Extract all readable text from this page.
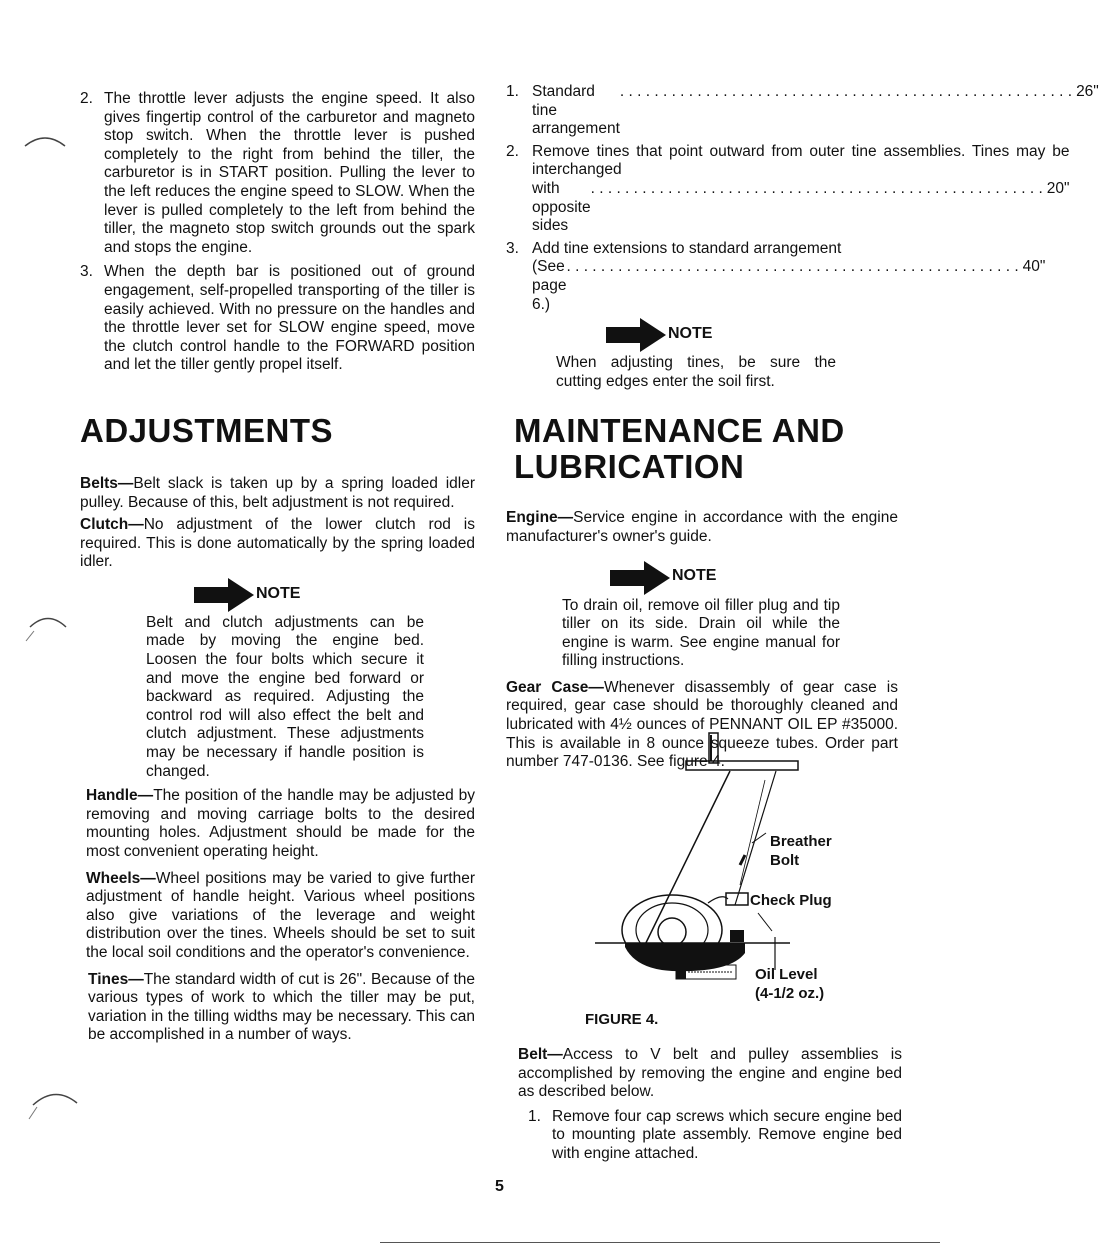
2. The throttle lever adjusts the engine speed. It also gives fingertip control of the carburetor and magneto stop switch. When the throttle lever is pushed completely to the right from behind the tiller, the carburetor is in START position. Pulling the lever to the left reduces the engine speed to SLOW. When the lever is pulled completely to the left from behind the tiller, the magneto stop switch grounds out the spark and stops the engine.
3. When the depth bar is positioned out of ground engagement, self-propelled transporting of the tiller is easily achieved. With no pressure on the handles and the throttle lever set for SLOW engine speed, move the clutch control handle to the FORWARD position and let the tiller gently propel itself.
ADJUSTMENTS

Belts—Belt slack is taken up by a spring loaded idler pulley. Because of this, belt adjustment is not required.

Clutch—No adjustment of the lower clutch rod is required. This is done automatically by the spring loaded idler.

NOTE

Belt and clutch adjustments can be made by moving the engine bed. Loosen the four bolts which secure it and move the engine bed forward or backward as required. Adjusting the control rod will also effect the belt and clutch adjustment. These adjustments may be necessary if handle position is changed.

Handle—The position of the handle may be adjusted by removing and moving carriage bolts to the desired mounting holes. Adjustment should be made for the most convenient operating height.

Wheels—Wheel positions may be varied to give further adjustment of handle height. Various wheel positions also give variations of the leverage and weight distribution over the tines. Wheels should be set to suit the local soil conditions and the operator's convenience.

Tines—The standard width of cut is 26". Because of the various types of work to which the tiller may be put, variation in the tilling widths may be necessary. This can be accomplished in a number of ways.

1. Standard tine arrangement
. . .
26"
2. Remove tines that point outward from outer tine assemblies. Tines may be interchanged

with opposite sides
. . .
20"
3. Add tine extensions to standard arrangement

(See page 6.)
. . .
40"
NOTE

When adjusting tines, be sure the cutting edges enter the soil first.

MAINTENANCE AND LUBRICATION

Engine—Service engine in accordance with the engine manufacturer's owner's guide.

NOTE

To drain oil, remove oil filler plug and tip tiller on its side. Drain oil while the engine is warm. See engine manual for filling instructions.

Gear Case—Whenever disassembly of gear case is required, gear case should be thoroughly cleaned and lubricated with 4½ ounces of PENNANT OIL EP #35000. This is available in 8 ounce squeeze tubes. Order part number 747-0136. See figure 4.

Breather
Bolt
Check Plug
Oil Level
(4-1/2 oz.)
FIGURE 4.

Belt—Access to V belt and pulley assemblies is accomplished by removing the engine and engine bed as described below.

1. Remove four cap screws which secure engine bed to mounting plate assembly. Remove engine bed with engine attached.
5
